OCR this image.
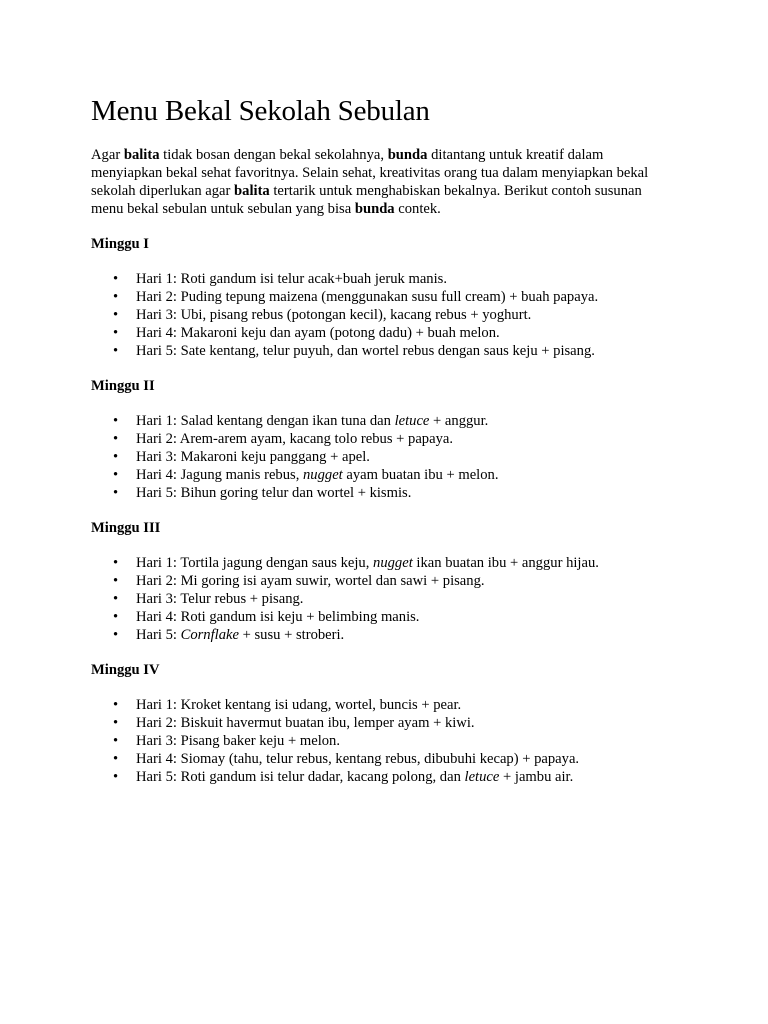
Menu Bekal Sekolah Sebulan

Agar balita tidak bosan dengan bekal sekolahnya, bunda ditantang untuk kreatif dalam menyiapkan bekal sehat favoritnya. Selain sehat, kreativitas orang tua dalam menyiapkan bekal sekolah diperlukan agar balita tertarik untuk menghabiskan bekalnya. Berikut contoh susunan menu bekal sebulan untuk sebulan yang bisa bunda contek.

Minggu I
• Hari 1: Roti gandum isi telur acak+buah jeruk manis.
• Hari 2: Puding tepung maizena (menggunakan susu full cream) + buah papaya.
• Hari 3: Ubi, pisang rebus (potongan kecil), kacang rebus + yoghurt.
• Hari 4: Makaroni keju dan ayam (potong dadu) + buah melon.
• Hari 5: Sate kentang, telur puyuh, dan wortel rebus dengan saus keju + pisang.
Minggu II
• Hari 1: Salad kentang dengan ikan tuna dan letuce + anggur.
• Hari 2: Arem-arem ayam, kacang tolo rebus + papaya.
• Hari 3: Makaroni keju panggang + apel.
• Hari 4: Jagung manis rebus, nugget ayam buatan ibu + melon.
• Hari 5: Bihun goring telur dan wortel + kismis.
Minggu III
• Hari 1: Tortila jagung dengan saus keju, nugget ikan buatan ibu + anggur hijau.
• Hari 2: Mi goring isi ayam suwir, wortel dan sawi + pisang.
• Hari 3: Telur rebus + pisang.
• Hari 4: Roti gandum isi keju + belimbing manis.
• Hari 5: Cornflake + susu + stroberi.
Minggu IV
• Hari 1: Kroket kentang isi udang, wortel, buncis + pear.
• Hari 2: Biskuit havermut buatan ibu, lemper ayam + kiwi.
• Hari 3: Pisang baker keju + melon.
• Hari 4: Siomay (tahu, telur rebus, kentang rebus, dibubuhi kecap) + papaya.
• Hari 5: Roti gandum isi telur dadar, kacang polong, dan letuce + jambu air.
